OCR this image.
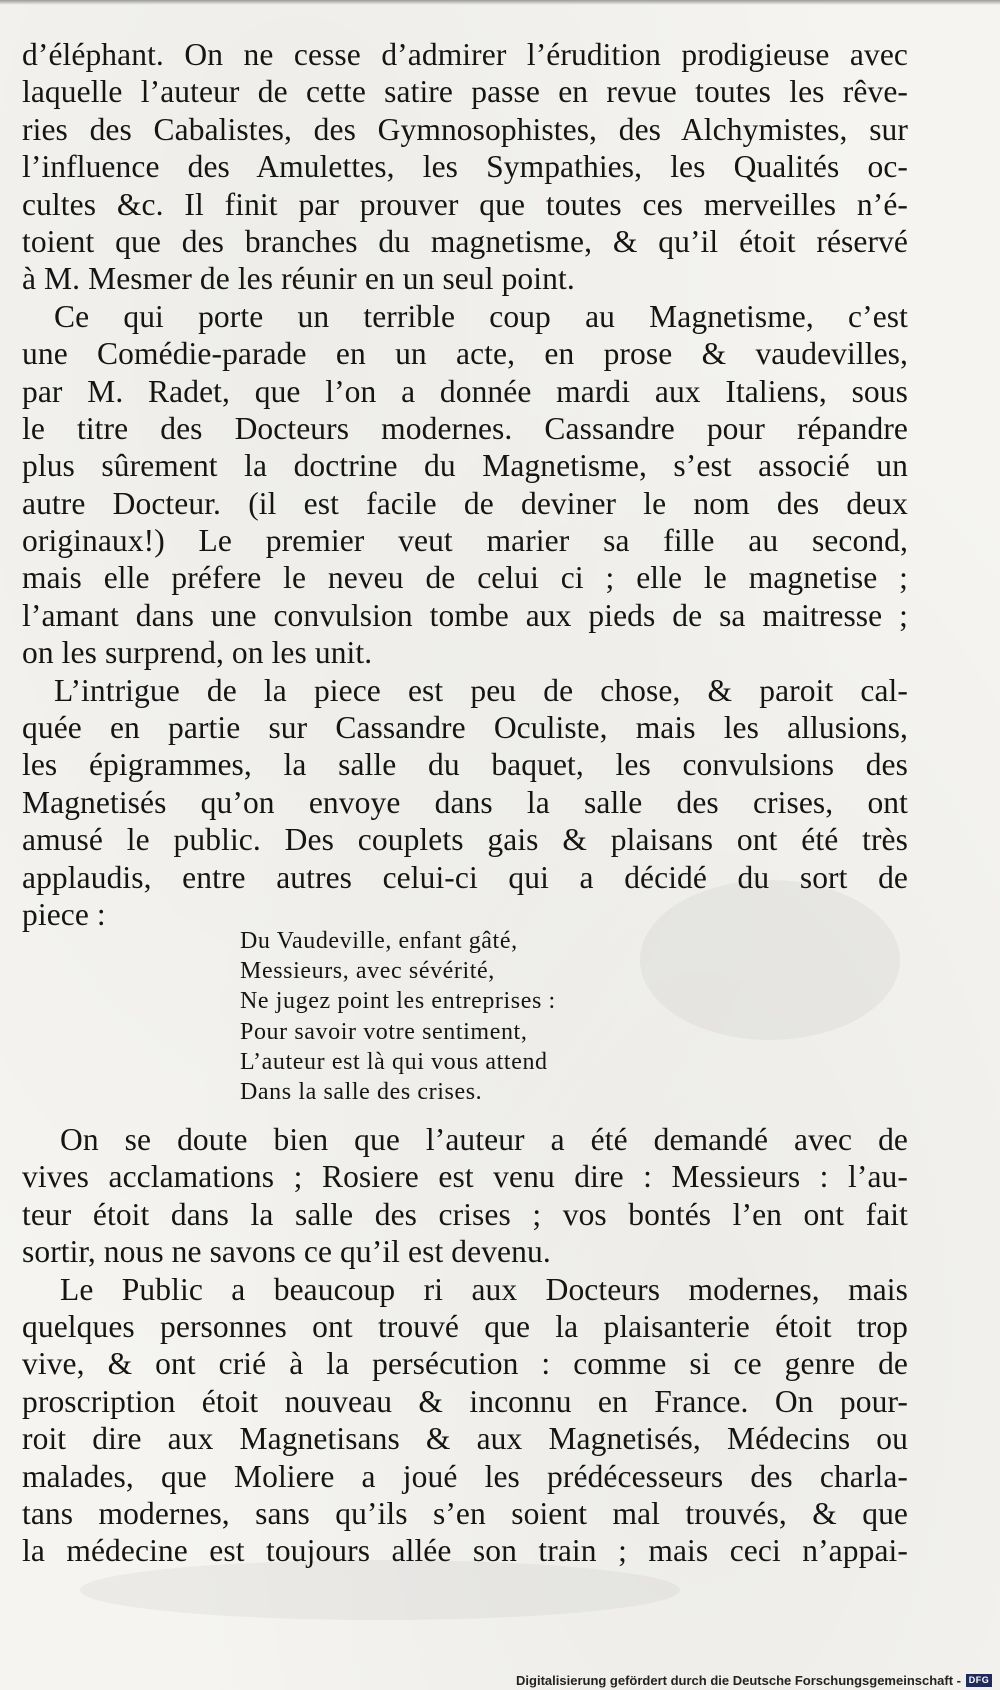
d’éléphant. On ne cesse d’admirer l’érudition prodigieuse avec
laquelle l’auteur de cette satire passe en revue toutes les rêve-
ries des Cabalistes, des Gymnosophistes, des Alchymistes, sur
l’influence des Amulettes, les Sympathies, les Qualités oc-
cultes &c. Il finit par prouver que toutes ces merveilles n’é-
toient que des branches du magnetisme, & qu’il étoit réservé
à M. Mesmer de les réunir en un seul point.
Ce qui porte un terrible coup au Magnetisme, c’est
une Comédie-parade en un acte, en prose & vaudevilles,
par M. Radet, que l’on a donnée mardi aux Italiens, sous
le titre des Docteurs modernes. Cassandre pour répandre
plus sûrement la doctrine du Magnetisme, s’est associé un
autre Docteur. (il est facile de deviner le nom des deux
originaux!) Le premier veut marier sa fille au second,
mais elle préfere le neveu de celui ci ; elle le magnetise ;
l’amant dans une convulsion tombe aux pieds de sa maitresse ;
on les surprend, on les unit.
L’intrigue de la piece est peu de chose, & paroit cal-
quée en partie sur Cassandre Oculiste, mais les allusions,
les épigrammes, la salle du baquet, les convulsions des
Magnetisés qu’on envoye dans la salle des crises, ont
amusé le public. Des couplets gais & plaisans ont été très
applaudis, entre autres celui-ci qui a décidé du sort de
piece :
Du Vaudeville, enfant gâté,
Messieurs, avec sévérité,
Ne jugez point les entreprises :
Pour savoir votre sentiment,
L’auteur est là qui vous attend
Dans la salle des crises.
On se doute bien que l’auteur a été demandé avec de
vives acclamations ; Rosiere est venu dire : Messieurs : l’au-
teur étoit dans la salle des crises ; vos bontés l’en ont fait
sortir, nous ne savons ce qu’il est devenu.
Le Public a beaucoup ri aux Docteurs modernes, mais
quelques personnes ont trouvé que la plaisanterie étoit trop
vive, & ont crié à la persécution : comme si ce genre de
proscription étoit nouveau & inconnu en France. On pour-
roit dire aux Magnetisans & aux Magnetisés, Médecins ou
malades, que Moliere a joué les prédécesseurs des charla-
tans modernes, sans qu’ils s’en soient mal trouvés, & que
la médecine est toujours allée son train ; mais ceci n’appai-
Digitalisierung gefördert durch die Deutsche Forschungsgemeinschaft - DFG
